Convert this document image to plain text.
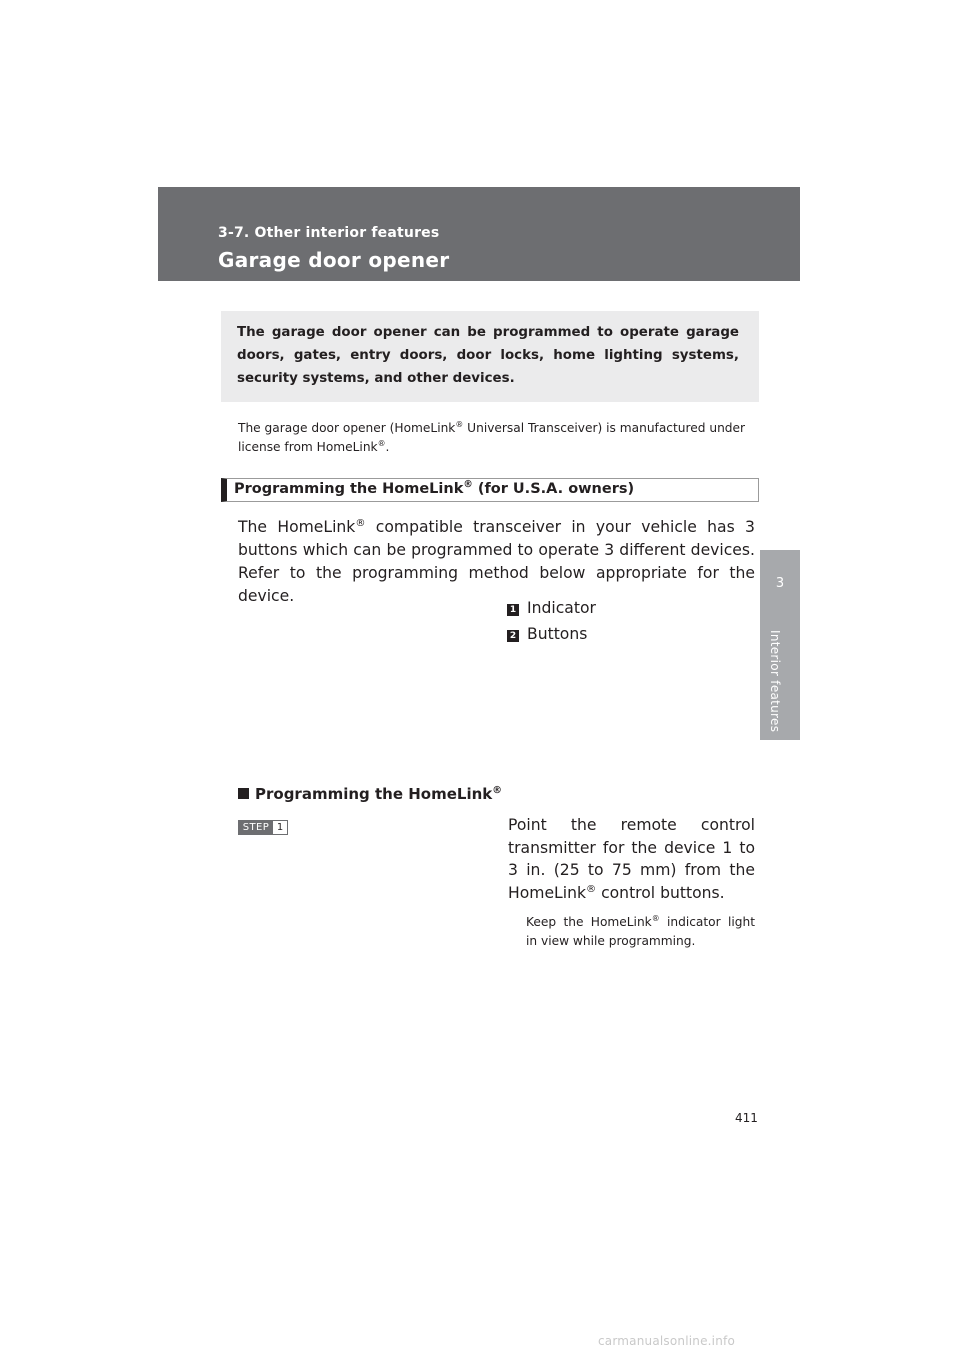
3-7. Other interior features
Garage door opener
3
Interior features
The garage door opener can be programmed to operate garage doors, gates, entry doors, door locks, home lighting systems, security systems, and other devices.
The garage door opener (HomeLink® Universal Transceiver) is manufactured under license from HomeLink®.
Programming the HomeLink® (for U.S.A. owners)
The HomeLink® compatible transceiver in your vehicle has 3 buttons which can be programmed to operate 3 different devices. Refer to the programming method below appropriate for the device.
1 Indicator
2 Buttons
Programming the HomeLink®
STEP 1	Point the remote control transmitter for the device 1 to 3 in. (25 to 75 mm) from the HomeLink® control buttons.
Keep the HomeLink® indicator light in view while programming.
411
carmanualsonline.info
